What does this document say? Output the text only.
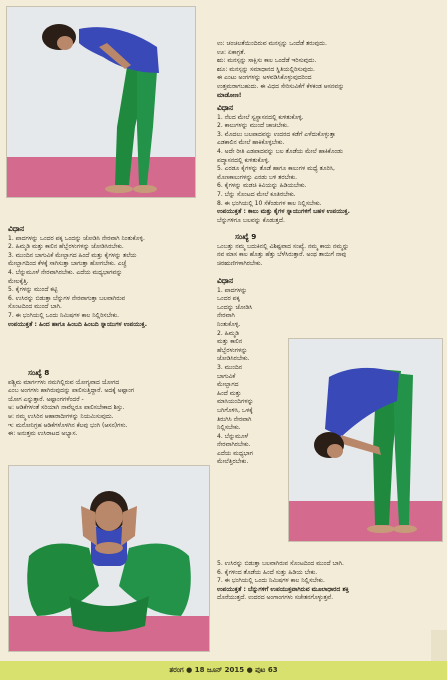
ವಿಧಾನ
1. ಪಾದಗಳನ್ನು ಒಂದರ ಪಕ್ಕ ಒಂದನ್ನು ಜೋಡಿಸಿ ನೇರವಾಗಿ ನಿಂತುಕೊಳ್ಳಿ.
2. ಹಿಮ್ಮಡಿ ಮತ್ತು ಕಾಲಿನ ಹೆಬ್ಬೆರಳುಗಳನ್ನು ಜೋಡಿಸಿರಬೇಕು.
3. ಮುಂದಿನ ಬಾಗುವಿಕೆ ಮೇಲ್ಭಾಗದ ಹಿಂದೆ ಮತ್ತು ಕೈಗಳನ್ನು ತಲೆಯ
ಮೇಲ್ಭಾಗದಿಂದ ಕೆಳಕ್ಕೆ ಸಾಗಿಸುತ್ತಾ ಬಾಗುತ್ತಾ ಹೋಗಬೇಕು. ಎಚ್ಚೆ
4. ಬೆನ್ನುಮೂಳೆ ನೇರವಾಗಿರಬೇಕು. ಎದೆಯ ಮಧ್ಯಭಾಗವನ್ನು
ಮೇಲಕ್ಕೆತ್ತಿ.
5. ಕೈಗಳನ್ನು ಮುಂದೆ ಕಟ್ಟಿ
6. ಉಸಿರನ್ನು ಬಿಡುತ್ತಾ ಬೆನ್ನುಗಳ ನೇರವಾಗುತ್ತಾ ಬಲವಾಗಿರುವ
ಸೊಂಟದಿಂದ ಮುಂದೆ ಬಾಗಿ.
7. ಈ ಭಂಗಿಯಲ್ಲಿ ಒಂದು ನಿಮಿಷಗಳ ಕಾಲ ನಿಲ್ಲಿರಿಸಬೇಕು.
ಉಪಯುಕ್ತತೆ : ಹಿಂದ ಹಾಗೂ ಹಿಂಬದಿ ಹಿಂಬದಿ ಸ್ನಾಯುಗಳ ಉಪಯುಕ್ತ.
ಸಂಖ್ಯೆ 8
ಪಶ್ಚಿಮ ಮಾರ್ಗಗಳು ನಮಗಿಲ್ಲಿರುವ ಯೋಗ್ಯವಾದ ಯೋಗದ
ಎಂಬ ಅಂಗಗಳು ಹಾಗಿರುವುದನ್ನು ಪಾಲಿಸುತ್ತಿದ್ದಾರೆ. ಅದಕ್ಕೆ ಅಷ್ಟಾಂಗ
ಯೋಗ ಎನ್ನುತ್ತಾರೆ. ಅಷ್ಟಾಂಗಗಳೆಂದರೆ -
ಅ: ಆಡಿಕೆಗಳಂತೆ ಸರಿಯಾಗಿ ನಾವೆಲ್ಲರೂ ಪಾಲಿಸಬೇಕಾದ ಶಿಸ್ತು.
ಆ: ನಮ್ಮ ಉಸಿರಿನ ಆಹಾರಾದೀಗಳನ್ನು ನಿಯಮಿಸುವುದು.
ಇ: ಮನೋನಿಗ್ರಹ ಆಡಿಕೆಗಳೊಳಗಿನ ಕೆಲವು ಭಂಗಿ (ಆಸನ)ಗಳು.
ಈ: ಅನುತ್ತಮ ಉಸಿರಾಟದ ಅಭ್ಯಾಸ.
ಉ: ಚಂಚಲತೆಯಿಂದಿರುವ ಮನಸ್ಸನ್ನು ಒಂದೆಡೆ ತರುವುದು.
ಊ: ಏಕಾಗ್ರತೆ.
ಋ: ಮನಸ್ಸನ್ನು ಸಾಕ್ಷಿಸು ಕಾಲ ಒಂದೆಡೆ ಇರಿಸುವುದು.
ೠ: ಮನಸ್ಸನ್ನು ಸಮಾಧಾನದ ಸ್ಥಿತಿಯಲ್ಲಿರಿಸುವುದು.
ಈ ಎಂಟು ಅಂಗಗಳನ್ನು ಅಳವಡಿಸಿಕೊಳ್ಳುವುದರಿಂದ
ಉತ್ತಮರಾಗಬಹುದು. ಈ ವಿಧದ ಸೇರಿಸುವಿಕೆಗೆ ಕೆಳಕಂಡ ಆಸನವನ್ನು
ಮಾಡೋಣ!
ವಿಧಾನ
1. ನೆಲದ ಮೇಲೆ ಸ್ವಸ್ಥಾಸನದಲ್ಲಿ ಕುಳಿತುಕೊಳ್ಳಿ.
2. ಕಾಲುಗಳನ್ನು ಮುಂದೆ ಚಾಚಬೇಕು.
3. ಮೊದಲು ಬಲಪಾದವನ್ನು ಉದರದ ಕಡೆಗೆ ಎಳೆದುಕೊಳ್ಳುತ್ತಾ
ಎಡಕಾಲಿನ ಮೇಲೆ ಹಾಕಿಕೊಳ್ಳಬೇಕು.
4. ಅದೇ ರೀತಿ ಎಡಪಾದವನ್ನು ಬಲ ತೊಡೆಯ ಮೇಲೆ ಹಾಕಿಕೊಂಡು
ಪದ್ಮಾಸನದಲ್ಲಿ ಕುಳಿತುಕೊಳ್ಳಿ.
5. ಎರಡೂ ಕೈಗಳನ್ನು ತೊಡೆ ಹಾಗೂ ಕಾಲುಗಳ ಮಧ್ಯೆ ತೂರಿಸಿ,
ಮೊಣಕಾಲುಗಳನ್ನು ಎರಡು ಬಳಿ ತರಬೇಕು.
6. ಕೈಗಳನ್ನು ಮಡಚಿ ಕಿವಿಯನ್ನು ಹಿಡಿಯಬೇಕು.
7. ಬೆನ್ನು ಸೊಂಟದ ಮೇಲೆ ಕೂತಿರಬೇಕು.
8. ಈ ಭಂಗಿಯಲ್ಲಿ 10 ಸೆಕೆಂಡುಗಳ ಕಾಲ ನಿಲ್ಲಿಸಬೇಕು.
ಉಪಯುಕ್ತತೆ : ಕಾಲು ಮತ್ತು ಕೈಗಳ ಸ್ನಾಯುಗಳಿಗೆ ಬಹಳ ಉಪಯುಕ್ತ.
ಬೆನ್ನುಗಳಿಗೂ ಬಲವನ್ನು ಕೊಡುತ್ತದೆ.
ಸಂಖ್ಯೆ 9
ಒಂಬತ್ತು ನಮ್ಮ ಬದುಕಿನಲ್ಲಿ ವಿಶಿಷ್ಟವಾದ ಸಂಖ್ಯೆ. ನಮ್ಮ ಕಾಯ ನಮ್ಮನ್ನು
ನವ ಮಾಸ ಕಾಲ ಹೊತ್ತು ಹೆತ್ತು ಬೆಳೆಸಿರುತ್ತಾರೆ. ಅಂಥ ತಾಯಿಗೆ ನಾವು
ಚಿರಋಣಿಗಳಾಗಿರಬೇಕು.
ವಿಧಾನ
1. ಪಾದಗಳನ್ನು
ಒಂದರ ಪಕ್ಕ
ಒಂದನ್ನು ಜೋಡಿಸಿ
ನೇರವಾಗಿ
ನಿಂತುಕೊಳ್ಳಿ.
2. ಹಿಮ್ಮಡಿ
ಮತ್ತು ಕಾಲಿನ
ಹೆಬ್ಬೆರಳುಗಳನ್ನು
ಜೋಡಿಸಿರಬೇಕು.
3. ಮುಂದಿನ
ಬಾಗುವಿಕೆ
ಮೇಲ್ಭಾಗದ
ಹಿಂದೆ ಮತ್ತು
ಮಾಸಿಯಂದಿಗಳನ್ನು
ಬಗಿಗೊಳಿಸಿ, ಒಳಕ್ಕೆ
ತಿರುಗಿಸಿ ನೇರವಾಗಿ
ನಿಲ್ಲಿಸಬೇಕು.
4. ಬೆನ್ನುಮೂಳೆ
ನೇರವಾಗಿರಬೇಕು.
ಎದೆಯ ಮಧ್ಯಭಾಗ
ಮೇಲೆತ್ತಿರಬೇಕು.
5. ಉಸಿರನ್ನು ಬಿಡುತ್ತಾ ಬಲವಾಗಿರುವ ಸೊಂಟದಿಂದ ಮುಂದೆ ಬಾಗಿ.
6. ಕೈಗಳಿಂದ ತೊಡೆಯ ಹಿಂದೆ ಸುತ್ತು ಹಿಡಿಯ ಬೇಕು.
7. ಈ ಭಂಗಿಯಲ್ಲಿ ಒಂದು ನಿಮಿಷಗಳ ಕಾಲ ನಿಲ್ಲಿಸಬೇಕು.
ಉಪಯುಕ್ತತೆ : ಬೆನ್ನುಗಳಿಗೆ ಉಪಯುಕ್ತವಾಗಿರುವ ಮೂಲಾಧಾರದ ಶಕ್ತಿ
ದೊರೆಯುತ್ತದೆ. ಉದರದ ಅಂಗಾಂಗಗಳು ಸಚೇತನಗೊಳ್ಳುತ್ತವೆ.
ತರಂಗ ● 18 ಜೂನ್ 2015 ● ಪುಟ 63
